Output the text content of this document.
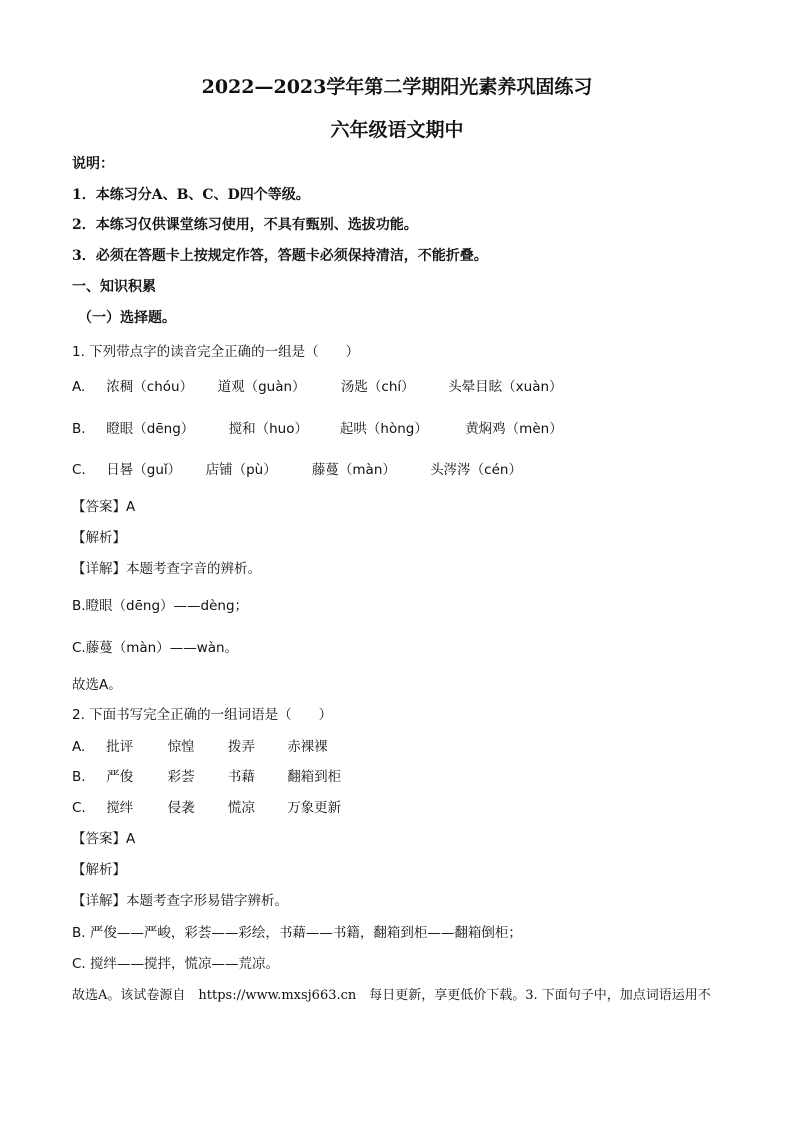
2022—2023学年第二学期阳光素养巩固练习
六年级语文期中
说明：
1．本练习分A、B、C、D四个等级。
2．本练习仅供课堂练习使用，不具有甄别、选拔功能。
3．必须在答题卡上按规定作答，答题卡必须保持清洁，不能折叠。
一、知识积累
（一）选择题。
1. 下列带点字的读音完全正确的一组是（　　）
A. 浓稠（chóu） 道观（guàn）	汤匙（chí） 头晕目眩（xuàn）
B. 瞪眼（dēng）	搅和（huo） 起哄（hòng）	黄焖鸡（mèn）
C. 日晷（guǐ） 店铺（pù）	藤蔓（màn）	头涔涔（cén）
【答案】A
【解析】
【详解】本题考查字音的辨析。
B.瞪眼（dēng）——dèng；
C.藤蔓（màn）——wàn。
故选A。
2. 下面书写完全正确的一组词语是（　　）
A. 批评	惊惶 拨弄 赤裸裸
B. 严俊	彩荟 书藉 翻箱到柜
C. 搅绊	侵袭 慌凉 万象更新
【答案】A
【解析】
【详解】本题考查字形易错字辨析。
B. 严俊——严峻，彩荟——彩绘，书藉——书籍，翻箱到柜——翻箱倒柜；
C. 搅绊——搅拌，慌凉——荒凉。
故选A。该试卷源自　https://www.mxsj663.cn　每日更新，享更低价下载。3. 下面句子中，加点词语运用不
